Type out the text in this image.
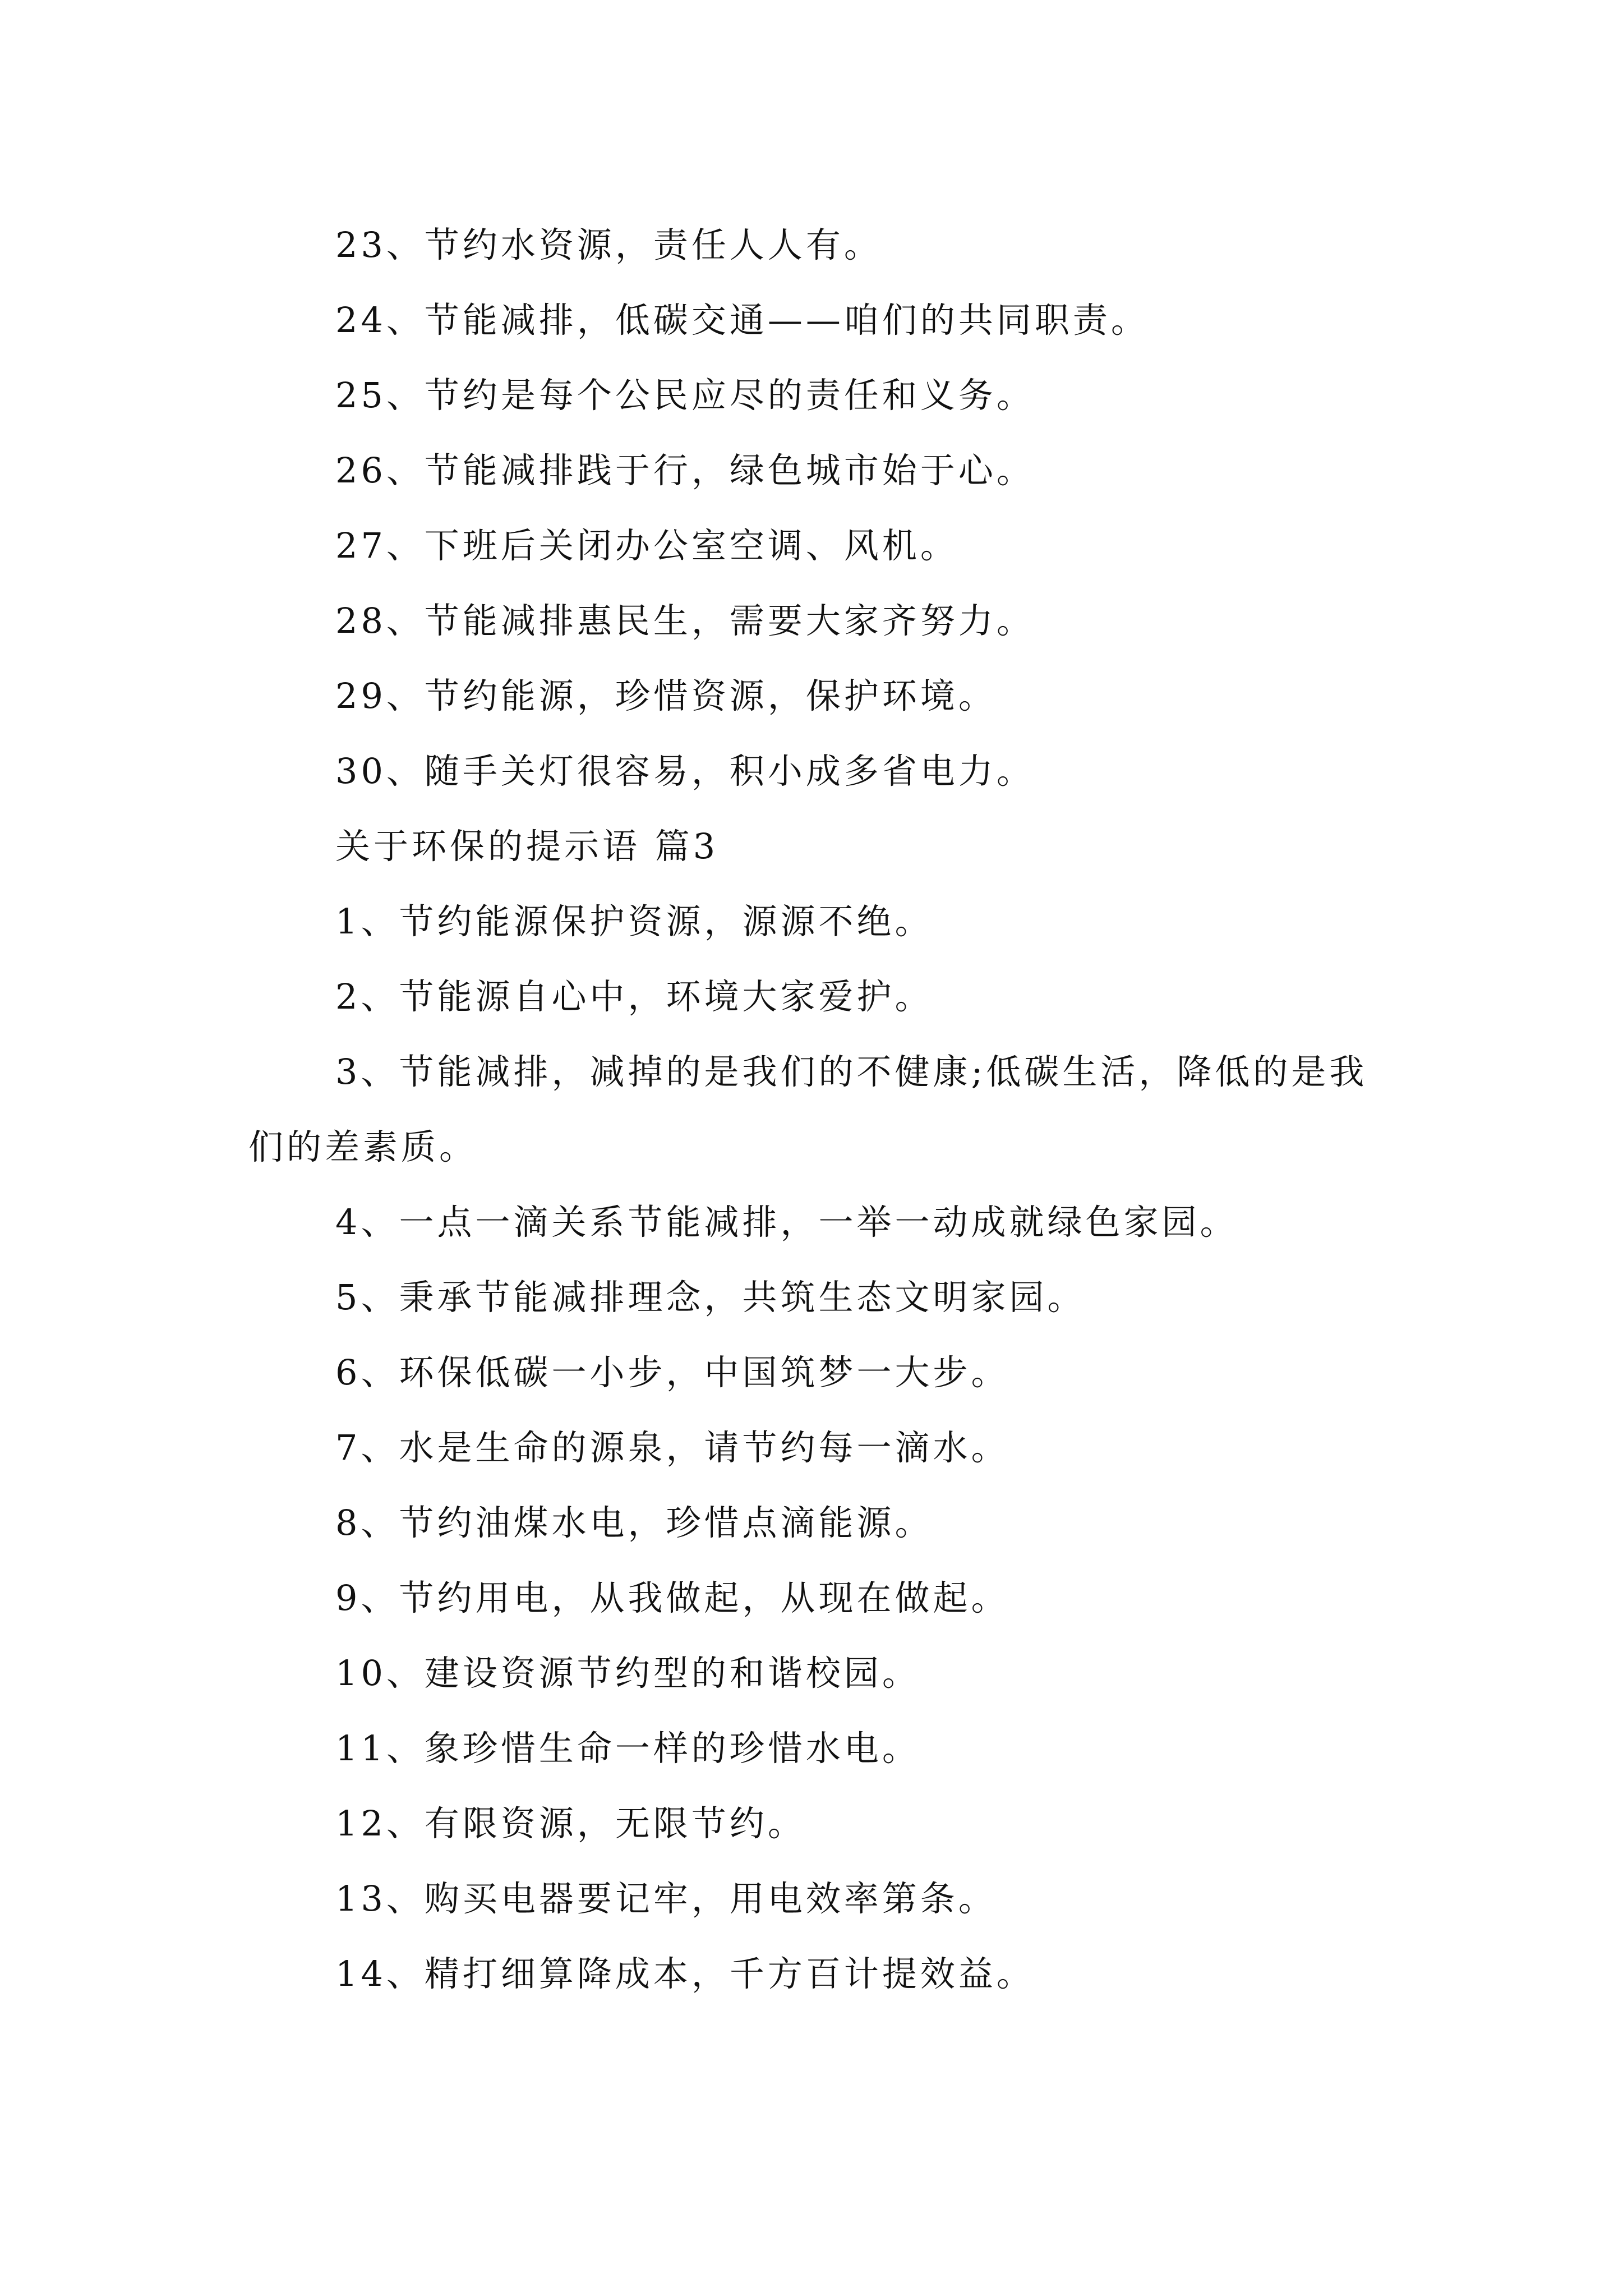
23、节约水资源，责任人人有。
24、节能减排，低碳交通——咱们的共同职责。
25、节约是每个公民应尽的责任和义务。
26、节能减排践于行，绿色城市始于心。
27、下班后关闭办公室空调、风机。
28、节能减排惠民生，需要大家齐努力。
29、节约能源，珍惜资源，保护环境。
30、随手关灯很容易，积小成多省电力。
关于环保的提示语 篇3
1、节约能源保护资源，源源不绝。
2、节能源自心中，环境大家爱护。
3、节能减排，减掉的是我们的不健康;低碳生活，降低的是我们的差素质。
4、一点一滴关系节能减排，一举一动成就绿色家园。
5、秉承节能减排理念，共筑生态文明家园。
6、环保低碳一小步，中国筑梦一大步。
7、水是生命的源泉，请节约每一滴水。
8、节约油煤水电，珍惜点滴能源。
9、节约用电，从我做起，从现在做起。
10、建设资源节约型的和谐校园。
11、象珍惜生命一样的珍惜水电。
12、有限资源，无限节约。
13、购买电器要记牢，用电效率第条。
14、精打细算降成本，千方百计提效益。
